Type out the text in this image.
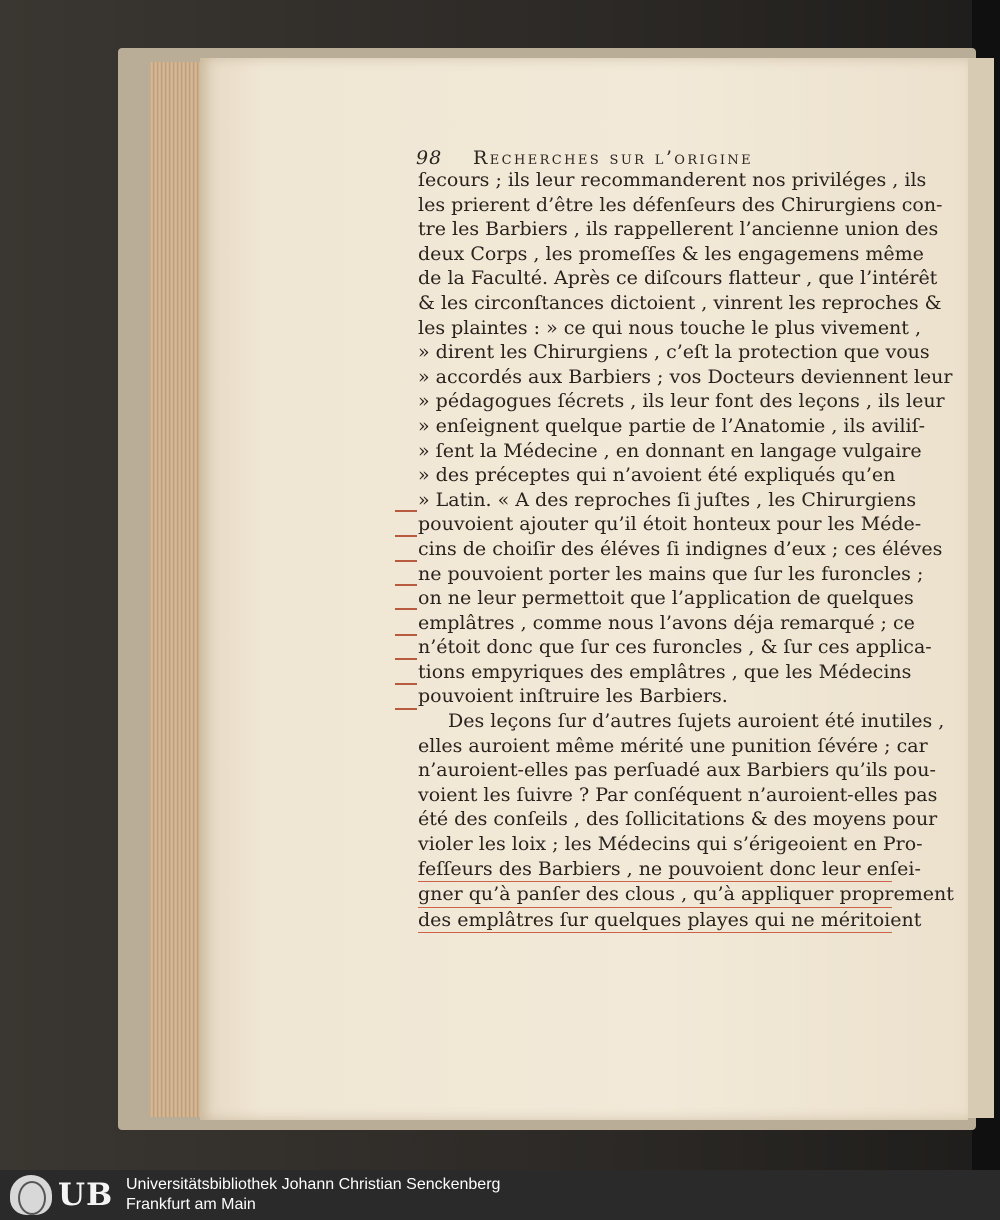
98 Recherches sur l’origine
ſecours ; ils leur recommanderent nos priviléges , ils
les prierent d’être les défenſeurs des Chirurgiens con-
tre les Barbiers , ils rappellerent l’ancienne union des
deux Corps , les promeſſes & les engagemens même
de la Faculté. Après ce diſcours flatteur , que l’intérêt
& les circonſtances dictoient , vinrent les reproches &
les plaintes : » ce qui nous touche le plus vivement ,
» dirent les Chirurgiens , c’eſt la protection que vous
» accordés aux Barbiers ; vos Docteurs deviennent leur
» pédagogues ſécrets , ils leur font des leçons , ils leur
» enſeignent quelque partie de l’Anatomie , ils aviliſ-
» ſent la Médecine , en donnant en langage vulgaire
» des préceptes qui n’avoient été expliqués qu’en
» Latin. « A des reproches ſi juſtes , les Chirurgiens
pouvoient ajouter qu’il étoit honteux pour les Méde-
cins de choiſir des éléves ſi indignes d’eux ; ces éléves
ne pouvoient porter les mains que ſur les furoncles ;
on ne leur permettoit que l’application de quelques
emplâtres , comme nous l’avons déja remarqué ; ce
n’étoit donc que ſur ces furoncles , & ſur ces applica-
tions empyriques des emplâtres , que les Médecins
pouvoient inſtruire les Barbiers.
Des leçons ſur d’autres ſujets auroient été inutiles ,
elles auroient même mérité une punition ſévére ; car
n’auroient-elles pas perſuadé aux Barbiers qu’ils pou-
voient les ſuivre ? Par conſéquent n’auroient-elles pas
été des conſeils , des ſollicitations & des moyens pour
violer les loix ; les Médecins qui s’érigeoient en Pro-
feſſeurs des Barbiers , ne pouvoient donc leur enſei-
gner qu’à panſer des clous , qu’à appliquer proprement
des emplâtres ſur quelques playes qui ne méritoient
UB Universitätsbibliothek Johann Christian Senckenberg
Frankfurt am Main
